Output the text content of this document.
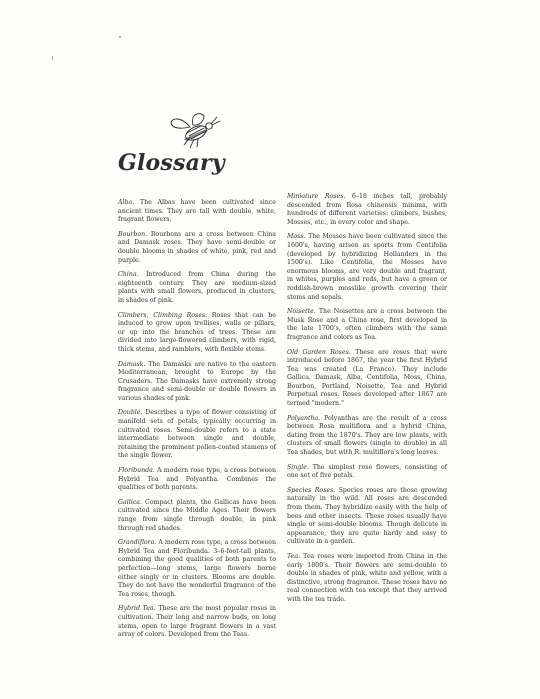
Glossary

Alba. The Albas have been cultivated since ancient times. They are tall with double, white, fragrant flowers.

Bourbon. Bourbons are a cross between China and Damask roses. They have semi-double or double blooms in shades of white, pink, red and purple.

China. Introduced from China during the eighteenth century. They are medium-sized plants with small flowers, produced in clusters, in shades of pink.

Climbers, Climbing Roses. Roses that can be induced to grow upon trellises, walls or pillars, or up into the branches of trees. These are divided into large-flowered climbers, with rigid, thick stems, and ramblers, with flexible stems.

Damask. The Damasks are native to the eastern Mediterranean, brought to Europe by the Crusaders. The Damasks have extremely strong fragrance and semi-double or double flowers in various shades of pink.

Double. Describes a type of flower consisting of manifold sets of petals, typically occurring in cultivated roses. Semi-double refers to a state intermediate between single and double, retaining the prominent pollen-coated stamens of the single flower.

Floribunda. A modern rose type, a cross between Hybrid Tea and Polyantha. Combines the qualities of both parents.

Gallica. Compact plants, the Gallicas have been cultivated since the Middle Ages. Their flowers range from single through double, in pink through red shades.

Grandiflora. A modern rose type, a cross between Hybrid Tea and Floribunda. 3–6-foot-tall plants, combining the good qualities of both parents to perfection—long stems, large flowers borne either singly or in clusters. Blooms are double. They do not have the wonderful fragrance of the Tea roses, though.

Hybrid Tea. These are the most popular roses in cultivation. Their long and narrow buds, on long stems, open to large fragrant flowers in a vast array of colors. Developed from the Teas.

Miniature Roses. 6–18 inches tall, probably descended from Rosa chinensis minima, with hundreds of different varieties: climbers, bushes, Mosses, etc., in every color and shape.

Moss. The Mosses have been cultivated since the 1600's, having arisen as sports from Centifolia (developed by hybridizing Hollanders in the 1500's). Like Centifolia, the Mosses have enormous blooms, are very double and fragrant, in whites, purples and reds, but have a green or reddish-brown mosslike growth covering their stems and sepals.

Noisette. The Noisettes are a cross between the Musk Rose and a China rose, first developed in the late 1700's, often climbers with the same fragrance and colors as Tea.

Old Garden Roses. These are roses that were introduced before 1867, the year the first Hybrid Tea was created (La France). They include Gallica, Damask, Alba, Centifolia, Moss, China, Bourbon, Portland, Noisette, Tea and Hybrid Perpetual roses. Roses developed after 1867 are termed "modern."

Polyantha. Polyanthas are the result of a cross between Rosa multiflora and a hybrid China, dating from the 1870's. They are low plants, with clusters of small flowers (single to double) in all Tea shades, but with R. multiflora's long leaves.

Single. The simplest rose flowers, consisting of one set of five petals.

Species Roses. Species roses are those growing naturally in the wild. All roses are descended from them. They hybridize easily with the help of bees and other insects. These roses usually have single or semi-double blooms. Though delicate in appearance, they are quite hardy and easy to cultivate in a garden.

Tea. Tea roses were imported from China in the early 1800's. Their flowers are semi-double to double in shades of pink, white and yellow, with a distinctive, strong fragrance. These roses have no real connection with tea except that they arrived with the tea trade.
